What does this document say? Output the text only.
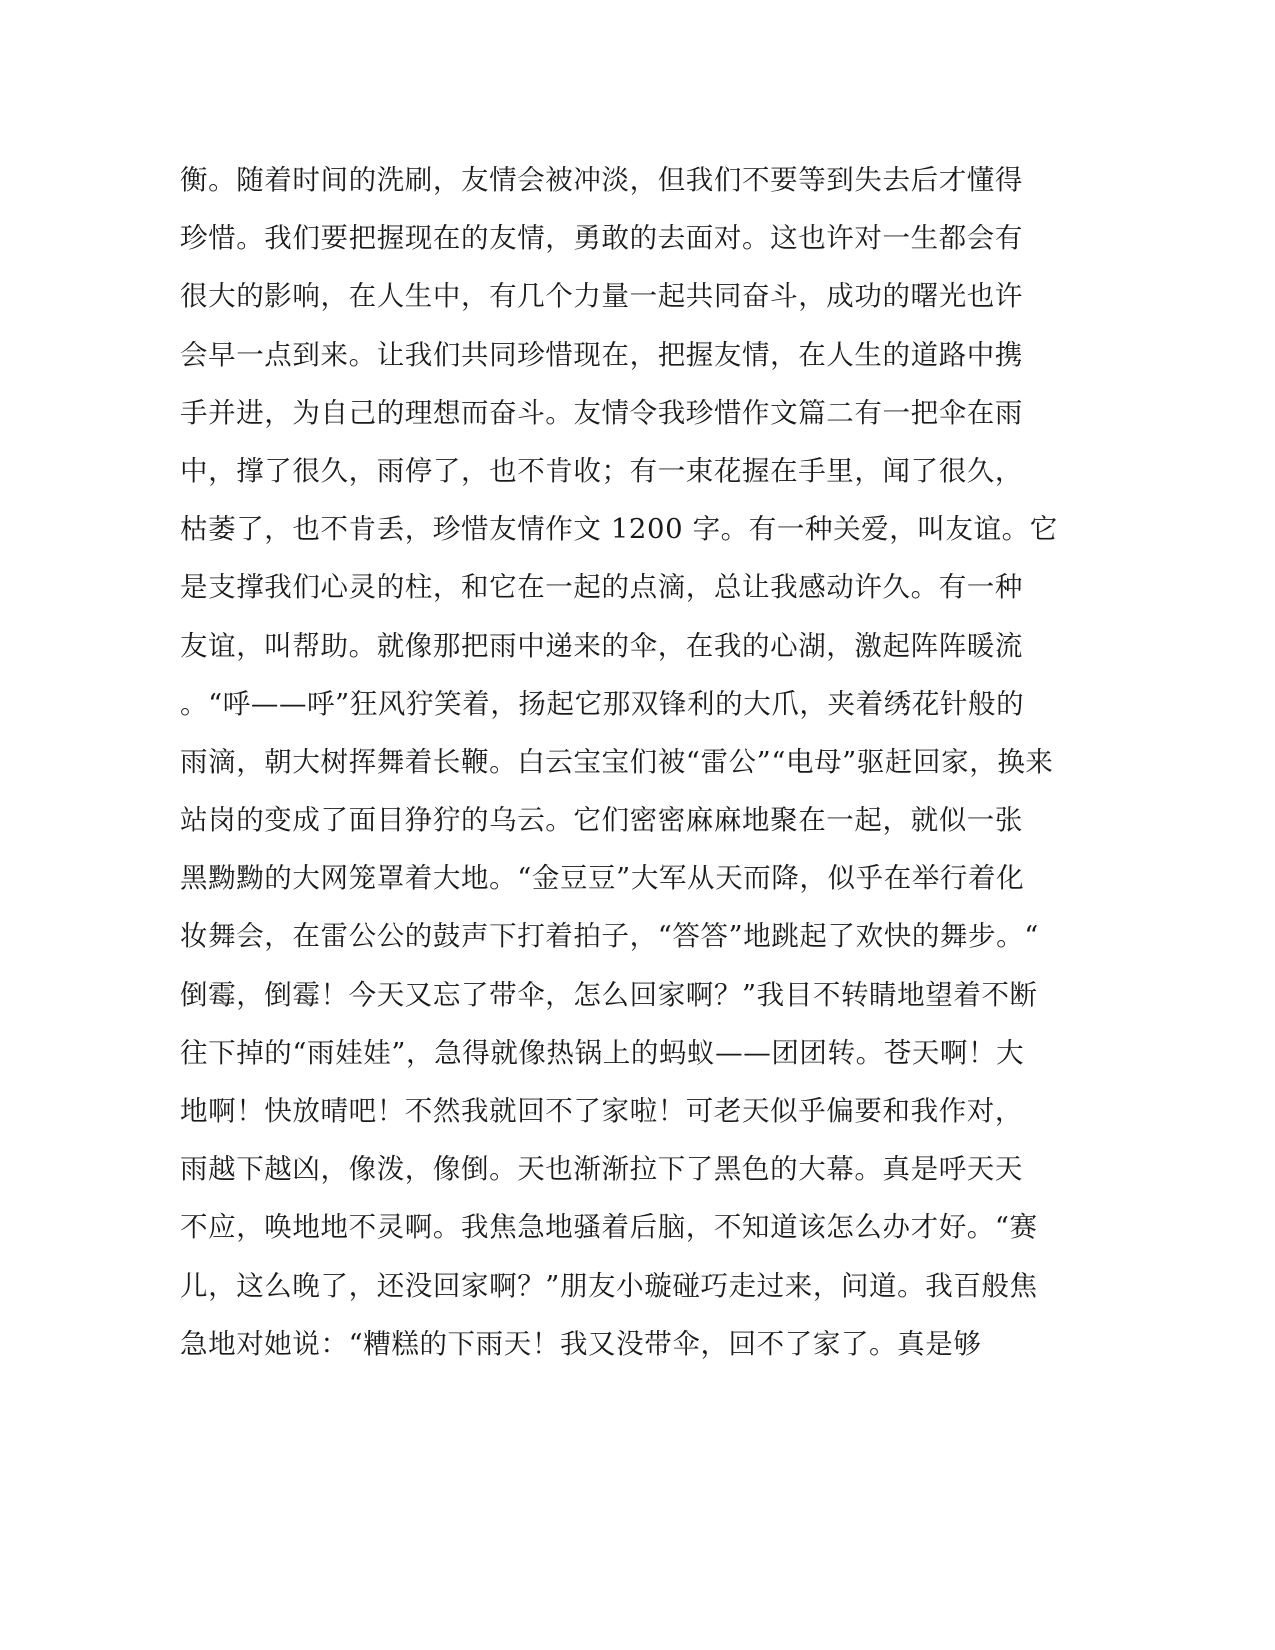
衡。随着时间的洗刷，友情会被冲淡，但我们不要等到失去后才懂得
珍惜。我们要把握现在的友情，勇敢的去面对。这也许对一生都会有
很大的影响，在人生中，有几个力量一起共同奋斗，成功的曙光也许
会早一点到来。让我们共同珍惜现在，把握友情，在人生的道路中携
手并进，为自己的理想而奋斗。友情令我珍惜作文篇二有一把伞在雨
中，撑了很久，雨停了，也不肯收；有一束花握在手里，闻了很久，
枯萎了，也不肯丢，珍惜友情作文 1200 字。有一种关爱，叫友谊。它
是支撑我们心灵的柱，和它在一起的点滴，总让我感动许久。有一种
友谊，叫帮助。就像那把雨中递来的伞，在我的心湖，激起阵阵暖流
。“呼——呼”狂风狞笑着，扬起它那双锋利的大爪，夹着绣花针般的
雨滴，朝大树挥舞着长鞭。白云宝宝们被“雷公”“电母”驱赶回家，换来
站岗的变成了面目狰狞的乌云。它们密密麻麻地聚在一起，就似一张
黑黝黝的大网笼罩着大地。“金豆豆”大军从天而降，似乎在举行着化
妆舞会，在雷公公的鼓声下打着拍子，“答答”地跳起了欢快的舞步。“
倒霉，倒霉！今天又忘了带伞，怎么回家啊？”我目不转睛地望着不断
往下掉的“雨娃娃”，急得就像热锅上的蚂蚁——团团转。苍天啊！大
地啊！快放晴吧！不然我就回不了家啦！可老天似乎偏要和我作对，
雨越下越凶，像泼，像倒。天也渐渐拉下了黑色的大幕。真是呼天天
不应，唤地地不灵啊。我焦急地骚着后脑，不知道该怎么办才好。“赛
儿，这么晚了，还没回家啊？”朋友小璇碰巧走过来，问道。我百般焦
急地对她说：“糟糕的下雨天！我又没带伞，回不了家了。真是够
